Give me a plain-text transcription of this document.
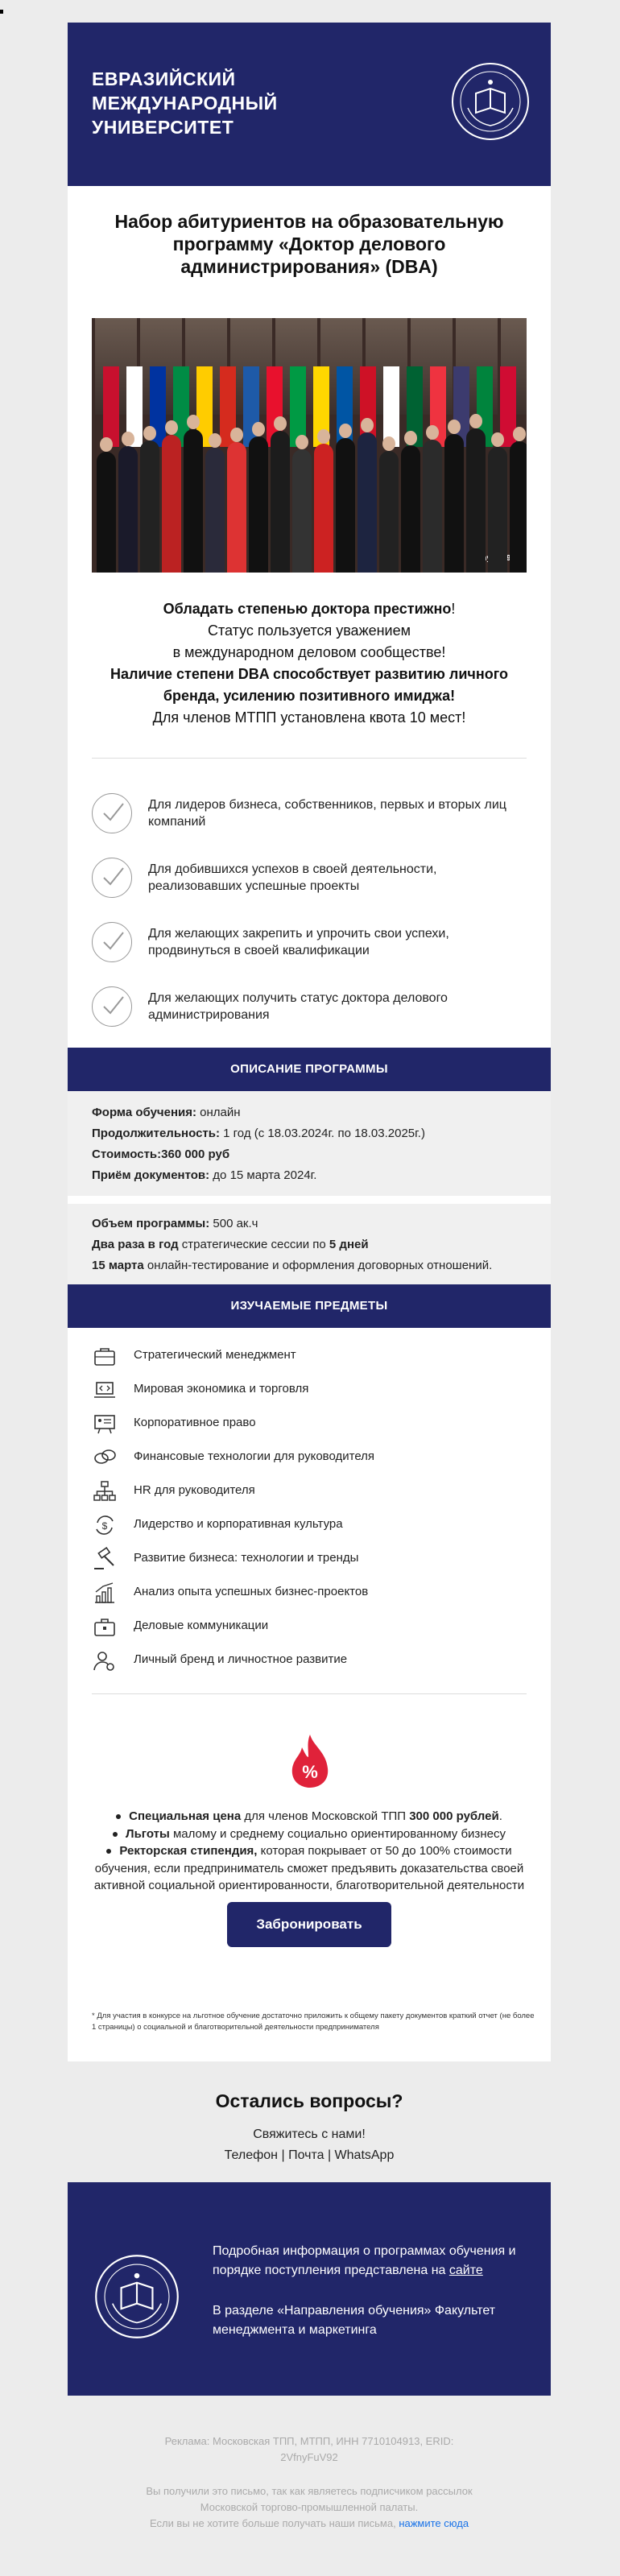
ЕВРАЗИЙСКИЙ МЕЖДУНАРОДНЫЙ УНИВЕРСИТЕТ
Набор абитуриентов на образовательную программу «Доктор делового администрирования» (DBA)
Обладать степенью доктора престижно!
Статус пользуется уважением
в международном деловом сообществе!
Наличие степени DBA способствует развитию личного бренда, усилению позитивного имиджа!
Для членов МТПП установлена квота 10 мест!
Для лидеров бизнеса, собственников, первых и вторых лиц компаний
Для добившихся успехов в своей деятельности, реализовавших успешные проекты
Для желающих закрепить и упрочить свои успехи, продвинуться в своей квалификации
Для желающих получить статус доктора делового администрирования
ОПИСАНИЕ ПРОГРАММЫ
Форма обучения: онлайн
Продолжительность: 1 год (с 18.03.2024г. по 18.03.2025г.)
Стоимость:360 000 руб
Приём документов: до 15 марта 2024г.
Объем программы: 500 ак.ч
Два раза в год стратегические сессии по 5 дней
15 марта онлайн-тестирование и оформления договорных отношений.
ИЗУЧАЕМЫЕ ПРЕДМЕТЫ
Стратегический менеджмент
Мировая экономика и торговля
Корпоративное право
Финансовые технологии для руководителя
HR для руководителя
$ Лидерство и корпоративная культура
Развитие бизнеса: технологии и тренды
Анализ опыта успешных бизнес-проектов
Деловые коммуникации
Личный бренд и личностное развитие
%
Специальная цена для членов Московской ТПП 300 000 рублей.
Льготы малому и среднему социально ориентированному бизнесу
Ректорская стипендия, которая покрывает от 50 до 100% стоимости обучения, если предприниматель сможет предъявить доказательства своей активной социальной ориентированности, благотворительной деятельности
Забронировать
* Для участия в конкурсе на льготное обучение достаточно приложить к общему пакету документов краткий отчет (не более 1 страницы) о социальной и благотворительной деятельности предпринимателя
Остались вопросы?
Свяжитесь с нами!
Телефон | Почта | WhatsApp
Подробная информация о программах обучения и порядке поступления представлена на сайте
В разделе «Направления обучения» Факультет менеджмента и маркетинга
Реклама: Московская ТПП, МТПП, ИНН 7710104913, ERID: 2VfnyFuV92
Вы получили это письмо, так как являетесь подписчиком рассылок Московской торгово-промышленной палаты.
Если вы не хотите больше получать наши письма, нажмите сюда
